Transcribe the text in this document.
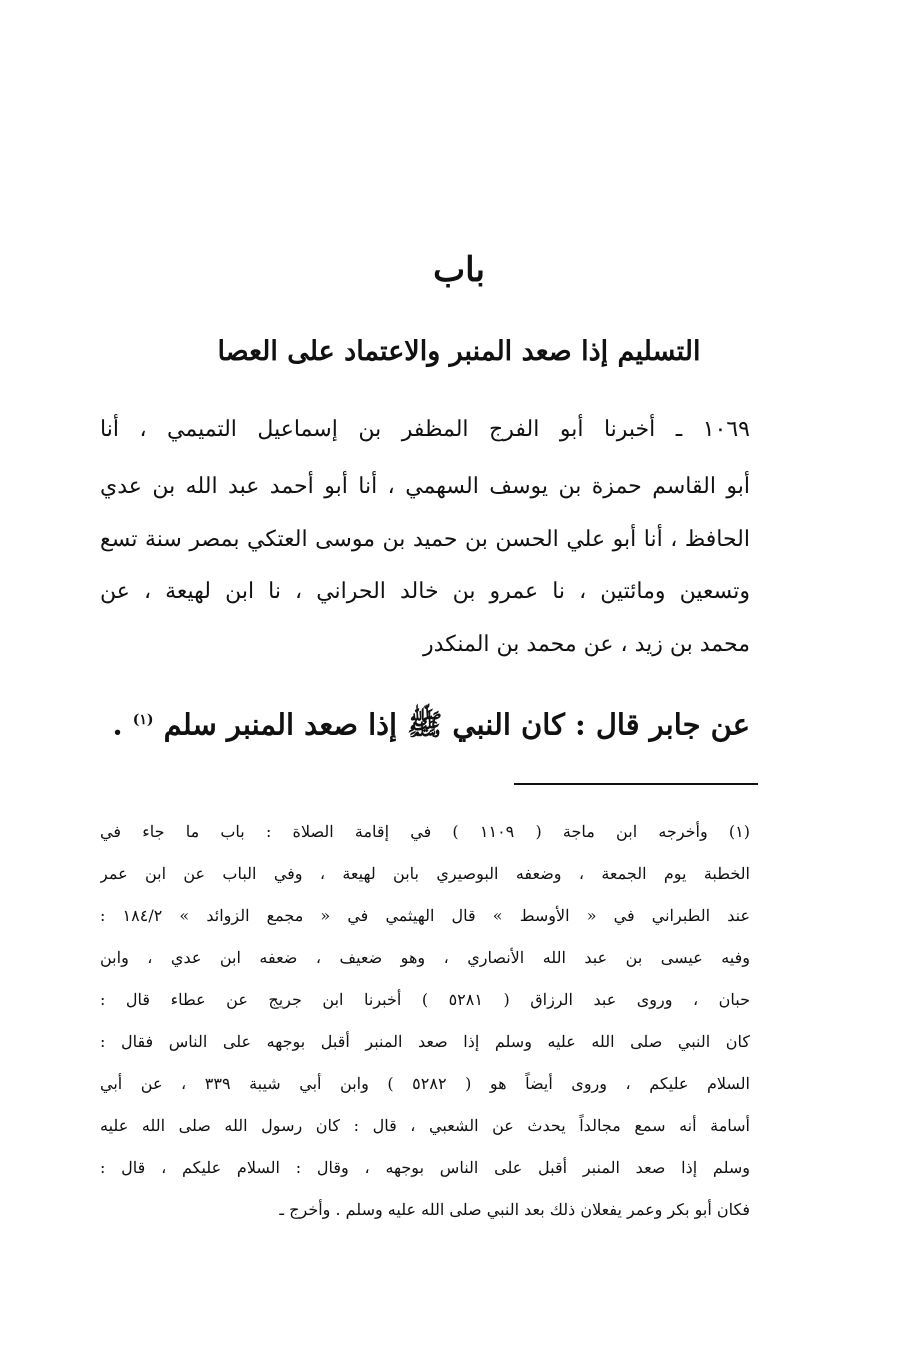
باب
التسليم إذا صعد المنبر والاعتماد على العصا
١٠٦٩ ـ أخبرنا أبو الفرج المظفر بن إسماعيل التميمي ، أنا
أبو القاسم حمزة بن يوسف السهمي ، أنا أبو أحمد عبد الله بن عدي
الحافظ ، أنا أبو علي الحسن بن حميد بن موسى العتكي بمصر سنة تسع
وتسعين ومائتين ، نا عمرو بن خالد الحراني ، نا ابن لهيعة ، عن
محمد بن زيد ، عن محمد بن المنكدر
عن جابر قال : كان النبي ﷺ إذا صعد المنبر سلم $^{(١)}$ .
(١) وأخرجه ابن ماجة ( ١١٠٩ ) في إقامة الصلاة : باب ما جاء في
الخطبة يوم الجمعة ، وضعفه البوصيري بابن لهيعة ، وفي الباب عن ابن عمر
عند الطبراني في « الأوسط » قال الهيثمي في « مجمع الزوائد » ١٨٤/٢ :
وفيه عيسى بن عبد الله الأنصاري ، وهو ضعيف ، ضعفه ابن عدي ، وابن
حبان ، وروى عبد الرزاق ( ٥٢٨١ ) أخبرنا ابن جريج عن عطاء قال :
كان النبي صلى الله عليه وسلم إذا صعد المنبر أقبل بوجهه على الناس فقال :
السلام عليكم ، وروى أيضاً هو ( ٥٢٨٢ ) وابن أبي شيبة ٣٣٩ ، عن أبي
أسامة أنه سمع مجالداً يحدث عن الشعبي ، قال : كان رسول الله صلى الله عليه
وسلم إذا صعد المنبر أقبل على الناس بوجهه ، وقال : السلام عليكم ، قال :
فكان أبو بكر وعمر يفعلان ذلك بعد النبي صلى الله عليه وسلم . وأخرج ـ
